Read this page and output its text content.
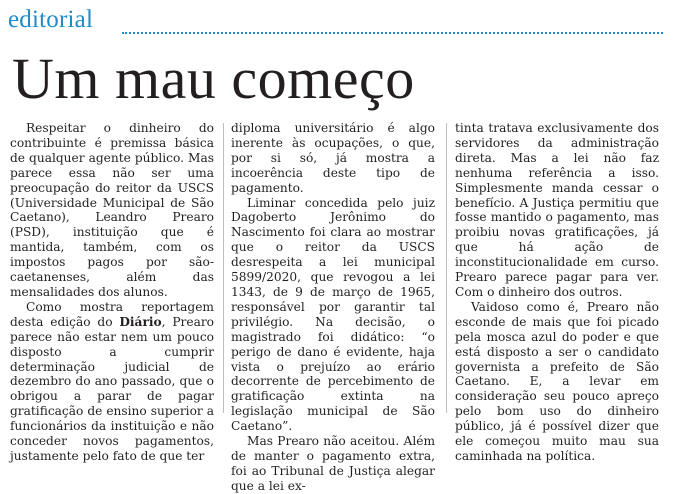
editorial
Um mau começo

Respeitar o dinheiro do contribuinte é premissa básica de qualquer agente público. Mas parece essa não ser uma preocupação do reitor da USCS (Universidade Municipal de São Caetano), Leandro Prearo (PSD), instituição que é mantida, também, com os impostos pagos por são-caetanenses, além das mensalidades dos alunos.

Como mostra reportagem desta edição do Diário, Prearo parece não estar nem um pouco disposto a cumprir determinação judicial de dezembro do ano passado, que o obrigou a parar de pagar gratificação de ensino superior a funcionários da instituição e não conceder novos pagamentos, justamente pelo fato de que ter

diploma universitário é algo inerente às ocupações, o que, por si só, já mostra a incoerência deste tipo de pagamento.

Liminar concedida pelo juiz Dagoberto Jerônimo do Nascimento foi clara ao mostrar que o reitor da USCS desrespeita a lei municipal 5899/2020, que revogou a lei 1343, de 9 de março de 1965, responsável por garantir tal privilégio. Na decisão, o magistrado foi didático: “o perigo de dano é evidente, haja vista o prejuízo ao erário decorrente de percebimento de gratificação extinta na legislação municipal de São Caetano”.

Mas Prearo não aceitou. Além de manter o pagamento extra, foi ao Tribunal de Justiça alegar que a lei ex-

tinta tratava exclusivamente dos servidores da administração direta. Mas a lei não faz nenhuma referência a isso. Simplesmente manda cessar o benefício. A Justiça permitiu que fosse mantido o pagamento, mas proibiu novas gratificações, já que há ação de inconstitucionalidade em curso. Prearo parece pagar para ver. Com o dinheiro dos outros.

Vaidoso como é, Prearo não esconde de mais que foi picado pela mosca azul do poder e que está disposto a ser o candidato governista a prefeito de São Caetano. E, a levar em consideração seu pouco apreço pelo bom uso do dinheiro público, já é possível dizer que ele começou muito mau sua caminhada na política.
